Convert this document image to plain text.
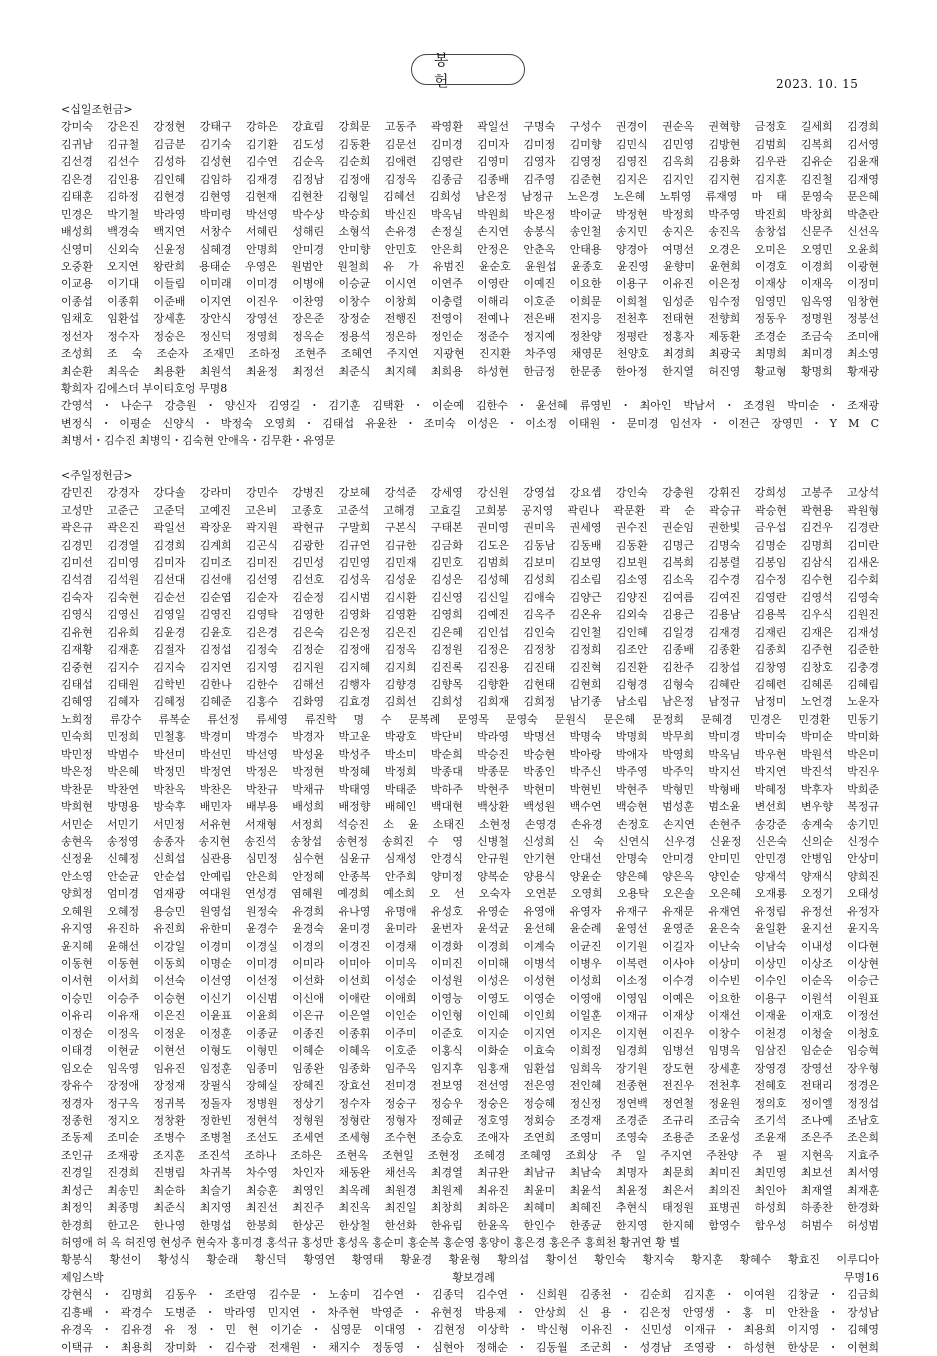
봉 헌	2023. 10. 15
<십일조헌금>
강미숙 강은진 강정현 강태구 강하은 강효림 강희문 고동주 곽영환 곽일선 구명숙 구성수 권경이 권순옥 권혁향 금정호 길세희 김경희
김귀남 김규철 김금분 김기숙 김기환 김도성 김동환 김문선 김미경 김미자 김미정 김미향 김민식 김민영 김방현 김범희 김복희 김서영
김선경 김선수 김성하 김성현 김수연 김순옥 김순희 김애련 김영란 김영미 김영자 김영정 김영진 김옥희 김용화 김우관 김유순 김윤재
김은경 김인용 김인혜 김임하 김재경 김정남 김정애 김정옥 김종금 김종배 김주영 김준현 김지은 김지인 김지현 김지훈 김진철 김재영
김태훈 김하정 김현경 김현영 김현재 김현찬 김형일 김혜선 김희성 남은정 남정규 노은경 노은혜 노튀영 류재영 마 태 문영숙 문은혜
민경은 박기철 박라영 박미령 박선영 박수상 박승희 박신진 박옥님 박원희 박은정 박이균 박정현 박정희 박주영 박진희 박창희 박춘란
배성희 백경숙 백지연 서창수 서혜린 성해린 소형석 손유경 손정실 손지연 송봉식 송인철 송지민 송지은 송진옥 송창섭 신문주 신선옥
신영미 신외숙 신윤정 심혜경 안명희 안미경 안미향 안민호 안은희 안정은 안춘옥 안태용 양경아 여명선 오경은 오미은 오영민 오윤희
오중환 오지연 왕란희 용태순 우영은 원범안 원철희 유 가 유범진 윤순호 윤원섭 윤종호 윤진영 윤향미 윤현희 이경호 이경희 이광현
이교용 이기대 이들림 이미래 이미경 이병애 이승균 이시연 이연주 이영란 이예진 이요한 이용구 이유진 이은정 이재상 이재옥 이정미
이종섭 이종휘 이준배 이지연 이진우 이찬영 이창수 이창희 이충렬 이해리 이호준 이희문 이희철 임성준 임수정 임영민 임옥영 임창현
임채호 임환섭 장세훈 장안식 장영선 장은준 장정순 전행진 전영이 전예나 전은배 전지응 전천후 전태현 전향희 정동우 정명원 정봉선
정선자 정수자 정숭은 정신덕 정영희 정옥순 정용석 정은하 정인순 정준수 정지예 정찬양 정평란 정홍자 제동환 조경순 조금숙 조미애
조성희 조 숙 조순자 조재민 조하정 조현주 조혜연 주지연 지광현 진지환 차주영 채영문 천양호 최경희 최광국 최명희 최미경 최소영
최순환 최옥순 최용환 최원석 최윤정 최정선 최준식 최지혜 최희용 하성현 한금정 한문종 한아정 한지열 허진영 황교형 황명희 황재광
황희자 김에스더 부이티호엉 무명8
간영석・나순구 강층원・양신자 김영길・김기훈 김택환・이순예 김한수・윤선혜 류영빈・최아인 박남서・조경원 박미순・조재광
변정식・이평순 신양식・박정숙 오영희・김태섭 유윤찬・조미숙 이성은・이소정 이태원・문미경 임선자・이전근 장영민・Y M C
최병서・김수진 최병익・김숙현 안애옥・김무환・유영문
<주일정헌금>
감민진 강경자 강다솔 강라미 강민수 강병진 강보혜 강석준 강세영 강신원 강영섭 강요셉 강인숙 강충원 강휘진 강희성 고봉주 고상석
고성만 고준근 고준덕 고예진 고은비 고종호 고준석 고해경 고효길 고희봉 공지영 곽린나 곽문환 곽 순 곽승규 곽승현 곽현용 곽원형
곽은규 곽은진 곽일선 곽장운 곽지원 곽현규 구말희 구본식 구태본 권미영 권미옥 권세영 권수진 권순임 권한빛 금우섭 김건우 김경란
김경민 김경열 김경희 김계희 김곤식 김광한 김규연 김규한 김금화 김도은 김동남 김동배 김동환 김명근 김명숙 김명순 김명희 김미란
김미선 김미영 김미자 김미조 김미진 김민성 김민영 김민재 김민호 김범희 김보미 김보영 김보원 김복희 김봉렬 김봉임 김삼식 김새온
김석겸 김석원 김선대 김선애 김선영 김선호 김성옥 김성운 김성은 김성혜 김성희 김소림 김소영 김소옥 김수경 김수정 김수현 김수회
김숙자 김숙현 김순선 김순엽 김순자 김순정 김시범 김시환 김신영 김신일 김애숙 김양근 김양진 김여름 김여진 김영란 김영석 김영숙
김영식 김영신 김영일 김영진 김영탁 김영한 김영화 김영환 김영희 김예진 김옥주 김온유 김외숙 김용근 김용남 김용복 김우식 김원진
김유현 김유희 김윤경 김윤호 김은경 김은숙 김은정 김은진 김은혜 김인섭 김인숙 김인철 김인혜 김일경 김재경 김재린 김재은 김재성
김재황 김재훈 김절자 김정섭 김정숙 김정순 김정애 김정옥 김정원 김정은 김정창 김정희 김조안 김종배 김종환 김종희 김주현 김준한
김중현 김지수 김지숙 김지연 김지영 김지원 김지혜 김지희 김진록 김진용 김진태 김진혁 김진환 김찬주 김창섭 김창영 김창호 김충경
김태섭 김태원 김학빈 김한나 김한수 김해선 김행자 김향경 김향목 김향환 김현태 김현희 김형경 김형숙 김혜란 김혜련 김혜론 김혜림
김혜영 김혜자 김혜정 김혜준 김홍수 김화영 김효경 김희선 김희성 김희재 김희정 남기종 남소림 남은정 남정규 남정미 노언경 노운자
노희정 류강수 류복순 류선정 류세영 류진학 명 수 문복례 문영목 문영숙 문원식 문은혜 문정희 문혜경 민경은 민경환 민동기
민숙희 민정희 민철홍 박경미 박경수 박경자 박고운 박광호 박단비 박라영 박명선 박명숙 박명희 박무희 박미경 박미숙 박미순 박미화
박민정 박범수 박선미 박선민 박선영 박성윤 박성주 박소미 박순희 박승진 박승현 박아랑 박애자 박영희 박옥님 박우현 박원석 박은미
박은정 박은혜 박정민 박정연 박정은 박정현 박정혜 박정희 박종대 박종문 박종인 박주신 박주영 박주익 박지선 박지연 박진석 박진우
박찬문 박찬연 박찬옥 박찬은 박찬규 박채규 박태영 박태준 박하주 박현주 박현미 박현빈 박현주 박형민 박형배 박혜정 박후자 박희준
박희현 방명용 방숙후 배민자 배부용 배성희 배정향 배혜인 백대현 백상환 백성원 백수연 백승현 범성훈 범소윤 변선희 변우향 복정규
서민순 서민기 서민정 서유현 서재형 서정희 석승진 소 윤 소태진 소현정 손영경 손유경 손정호 손지연 손현주 송강준 송계숙 송기민
송현옥 송정영 송종자 송지현 송진석 송창섭 송현정 송희진 수 영 신병철 신성희 신 숙 신연식 신우경 신윤정 신은숙 신의순 신정수
신정윤 신혜정 신희섭 심관용 심민정 심수현 심윤규 심재성 안경식 안규원 안기현 안대선 안명숙 안미경 안미민 안민경 안병임 안상미
안소영 안순균 안순섭 안예림 안은희 안정혜 안종복 안주희 양미정 양복순 양용식 양윤순 양은혜 양은옥 양인순 양재석 양재식 양희진
양희정 엄미경 엄재광 여대원 연성경 염혜원 예경희 예소희 오 선 오숙자 오연분 오영희 오용탁 오은솔 오은혜 오재룡 오정기 오태성
오혜원 오혜정 용승민 원영섭 원정숙 유경희 유나영 유명애 유성호 유영순 유영애 유영자 유재구 유재문 유재연 유정림 유정선 유정자
유지영 유진하 유진희 유한미 윤경수 윤경숙 윤미경 윤미라 윤번자 윤석균 윤선혜 윤순례 윤영선 윤영준 윤은숙 윤일환 윤지선 윤지옥
윤지혜 윤해선 이강일 이경미 이경실 이경의 이경진 이경채 이경화 이경희 이계숙 이균진 이기원 이길자 이난숙 이남숙 이내성 이다현
이동현 이동현 이동희 이명순 이미경 이미라 이미아 이미옥 이미진 이미해 이병석 이병우 이복련 이사야 이상미 이상민 이상조 이상현
이서현 이서희 이선숙 이선영 이선정 이선화 이선희 이성순 이성원 이성은 이성현 이성희 이소정 이수경 이수빈 이수인 이순옥 이승근
이승민 이승주 이승현 이신기 이신범 이신애 이애란 이애희 이영능 이영도 이영순 이영애 이영임 이예은 이요한 이용구 이원석 이원표
이유리 이유재 이은진 이윤표 이윤희 이은규 이은열 이인순 이인형 이인혜 이인희 이일훈 이재규 이재상 이재선 이재윤 이재호 이정선
이정순 이정옥 이정운 이정훈 이종균 이종진 이종휘 이주미 이준호 이지순 이지연 이지은 이지현 이진우 이창수 이천경 이청술 이청호
이태경 이현균 이현선 이형도 이형민 이혜순 이혜옥 이호준 이홍식 이화순 이효숙 이희정 임경희 임병선 임명옥 임삼진 임순순 임승혁
임오순 임옥영 임유진 임정훈 임종미 임종완 임종화 임주옥 임지후 임홍재 임환섭 임희옥 장기원 장도현 장세훈 장영경 장영선 장우형
장유수 장정애 장정재 장필식 장혜실 장혜진 장효선 전미경 전보영 전선영 전은영 전인혜 전종현 전진우 전천후 전혜호 전태리 정경은
정경자 정구옥 정귀복 정돌자 정병원 정상기 정수자 정숭구 정승우 정숭은 정승혜 정신정 정연백 정연철 정윤원 정의호 정이엘 정정섭
정종헌 정지오 정창환 정한빈 정현석 정형원 정형란 정형자 정혜균 정호영 정회승 조경재 조경준 조규리 조금숙 조기석 조나예 조남호
조동제 조미순 조병수 조병철 조선도 조세연 조세형 조수현 조승호 조애자 조연희 조영미 조영숙 조용준 조윤성 조윤재 조은주 조은희
조인규 조재광 조지훈 조진석 조하나 조하은 조현옥 조현일 조현정 조혜경 조혜영 조희상 주 일 주지연 주찬양 주 필 지현옥 지효주
진경일 진경희 진병림 차귀복 차수영 차인자 채동완 채선옥 최경열 최규완 최남규 최남숙 최명자 최문희 최미진 최민영 최보선 최서영
최성근 최송민 최순하 최슬기 최승훈 최영인 최옥례 최원경 최원제 최유진 최윤미 최윤석 최윤정 최은서 최의진 최인아 최재열 최재훈
최정익 최종명 최준식 최지영 최진선 최진주 최진옥 최진일 최창희 최하은 최혜미 최혜진 추현식 태정원 표병권 하성희 하종찬 한경화
한경희 한고은 한나영 한명섭 한봉희 한상곤 한상철 한선화 한유림 한윤옥 한인수 한종균 한지영 한지혜 함영수 함우성 허범수 허성범
허영애 허 옥 허진영 현성주 현숙자 홍미경 홍석규 홍성만 홍성옥 홍순미 홍순복 홍순영 홍양이 홍은경 홍은주 홍희천 황귀연 황 별
황봉식 황선이 황성식 황순래 황신덕 황영연 황영태 황윤경 황윤형 황의섭 황이선 황인숙 황지숙 황지훈 황혜수 황효진 이루디아
제임스박 황보경례 무명16
강현식・김명희 김동우・조란영 김수문・노송미 김수연・김종덕 김수연・신희원 김종천・김순희 김지훈・이여원 김창균・김금희
김흥배・곽경수 도병준・박라영 민지연・차주현 박영준・유현정 박용제・안상희 신 용・김은정 안영생・홍 미 안찬율・장성남
유경옥・김유경 유 정・민 현 이기순・심영문 이대영・김현정 이상학・박신형 이유진・신민성 이재규・최용희 이지영・김혜영
이택규・최용희 장미화・김수광 전재원・채지수 정동영・심현아 정해순・김동월 조군희・성경남 조영광・하성현 한상문・이현희
